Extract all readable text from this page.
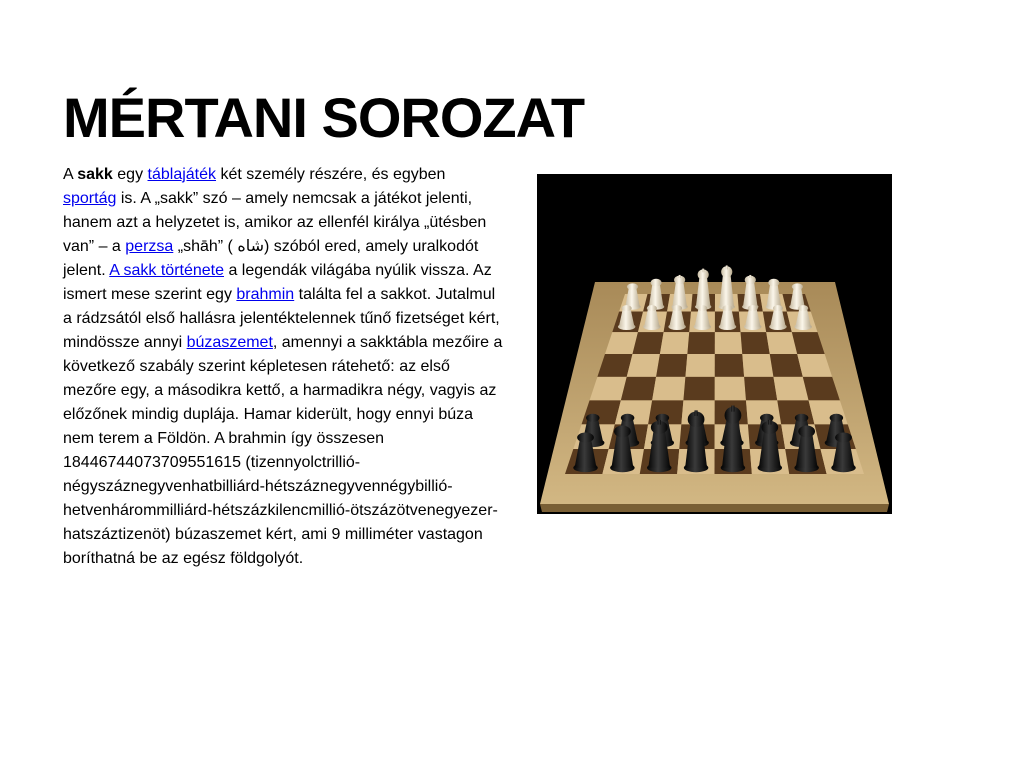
MÉRTANI SOROZAT

A sakk egy táblajáték két személy részére, és egyben sportág is. A „sakk” szó – amely nemcsak a játékot jelenti, hanem azt a helyzetet is, amikor az ellenfél királya „ütésben van” – a perzsa „shāh” ( شاه) szóból ered, amely uralkodót jelent. A sakk története a legendák világába nyúlik vissza. Az ismert mese szerint egy brahmin találta fel a sakkot. Jutalmul a rádzsától első hallásra jelentéktelennek tűnő fizetséget kért, mindössze annyi búzaszemet, amennyi a sakktábla mezőire a következő szabály szerint képletesen rátehető: az első mezőre egy, a másodikra kettő, a harmadikra négy, vagyis az előzőnek mindig duplája. Hamar kiderült, hogy ennyi búza nem terem a Földön. A brahmin így összesen 18446744073709551615 (tizennyolctrillió-négyszáznegyvenhatbilliárd-hétszáznegyvennégybillió-hetvenhárommilliárd-hétszázkilencmillió-ötszázötvenegyezer-hatszáztizenöt) búzaszemet kért, ami 9 milliméter vastagon boríthatná be az egész földgolyót.
